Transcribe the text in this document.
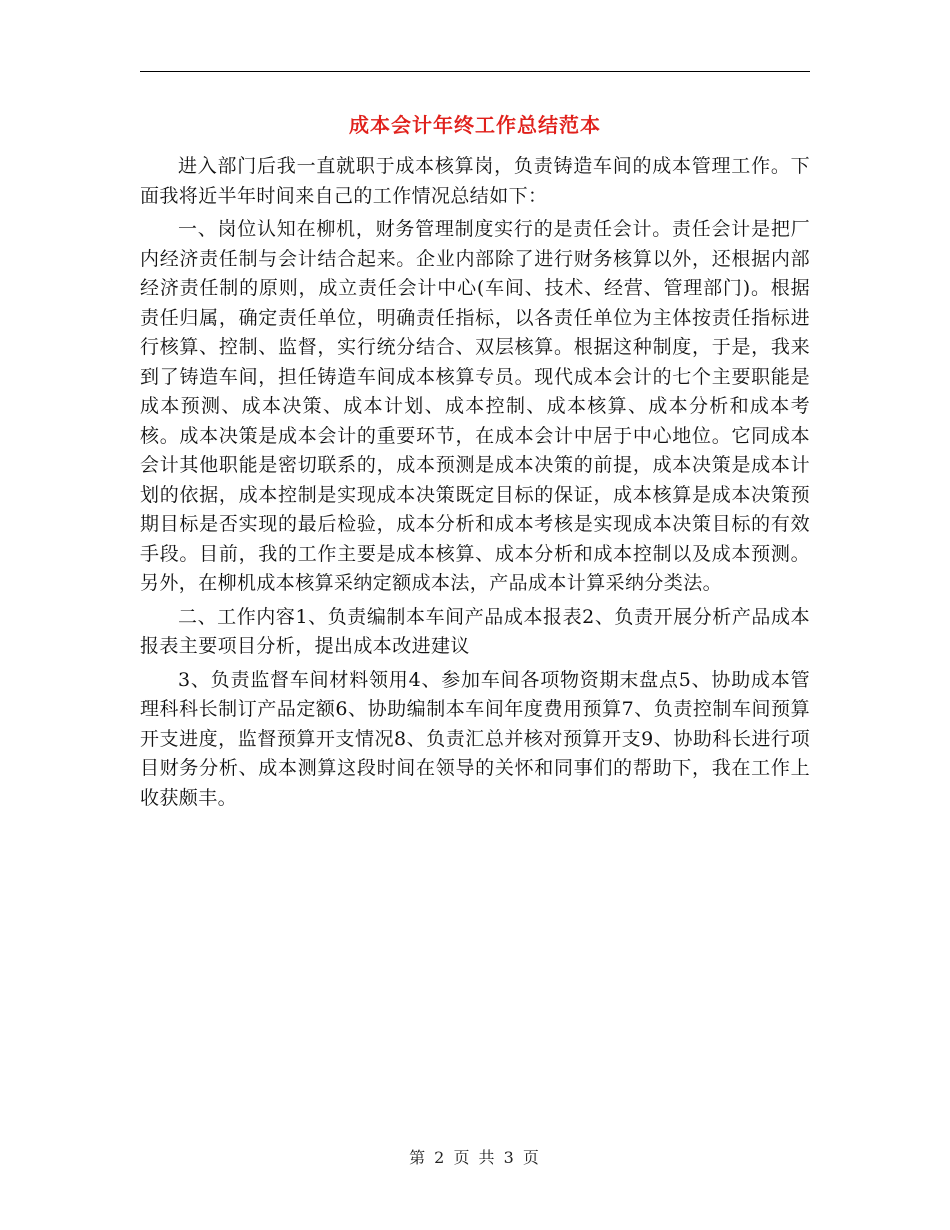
成本会计年终工作总结范本

进入部门后我一直就职于成本核算岗，负责铸造车间的成本管理工作。下面我将近半年时间来自己的工作情况总结如下：

一、岗位认知在柳机，财务管理制度实行的是责任会计。责任会计是把厂内经济责任制与会计结合起来。企业内部除了进行财务核算以外，还根据内部经济责任制的原则，成立责任会计中心(车间、技术、经营、管理部门)。根据责任归属，确定责任单位，明确责任指标，以各责任单位为主体按责任指标进行核算、控制、监督，实行统分结合、双层核算。根据这种制度，于是，我来到了铸造车间，担任铸造车间成本核算专员。现代成本会计的七个主要职能是成本预测、成本决策、成本计划、成本控制、成本核算、成本分析和成本考核。成本决策是成本会计的重要环节，在成本会计中居于中心地位。它同成本会计其他职能是密切联系的，成本预测是成本决策的前提，成本决策是成本计划的依据，成本控制是实现成本决策既定目标的保证，成本核算是成本决策预期目标是否实现的最后检验，成本分析和成本考核是实现成本决策目标的有效手段。目前，我的工作主要是成本核算、成本分析和成本控制以及成本预测。另外，在柳机成本核算采纳定额成本法，产品成本计算采纳分类法。

二、工作内容1、负责编制本车间产品成本报表2、负责开展分析产品成本报表主要项目分析，提出成本改进建议

3、负责监督车间材料领用4、参加车间各项物资期末盘点5、协助成本管理科科长制订产品定额6、协助编制本车间年度费用预算7、负责控制车间预算开支进度，监督预算开支情况8、负责汇总并核对预算开支9、协助科长进行项目财务分析、成本测算这段时间在领导的关怀和同事们的帮助下，我在工作上收获颇丰。

第 2 页 共 3 页
